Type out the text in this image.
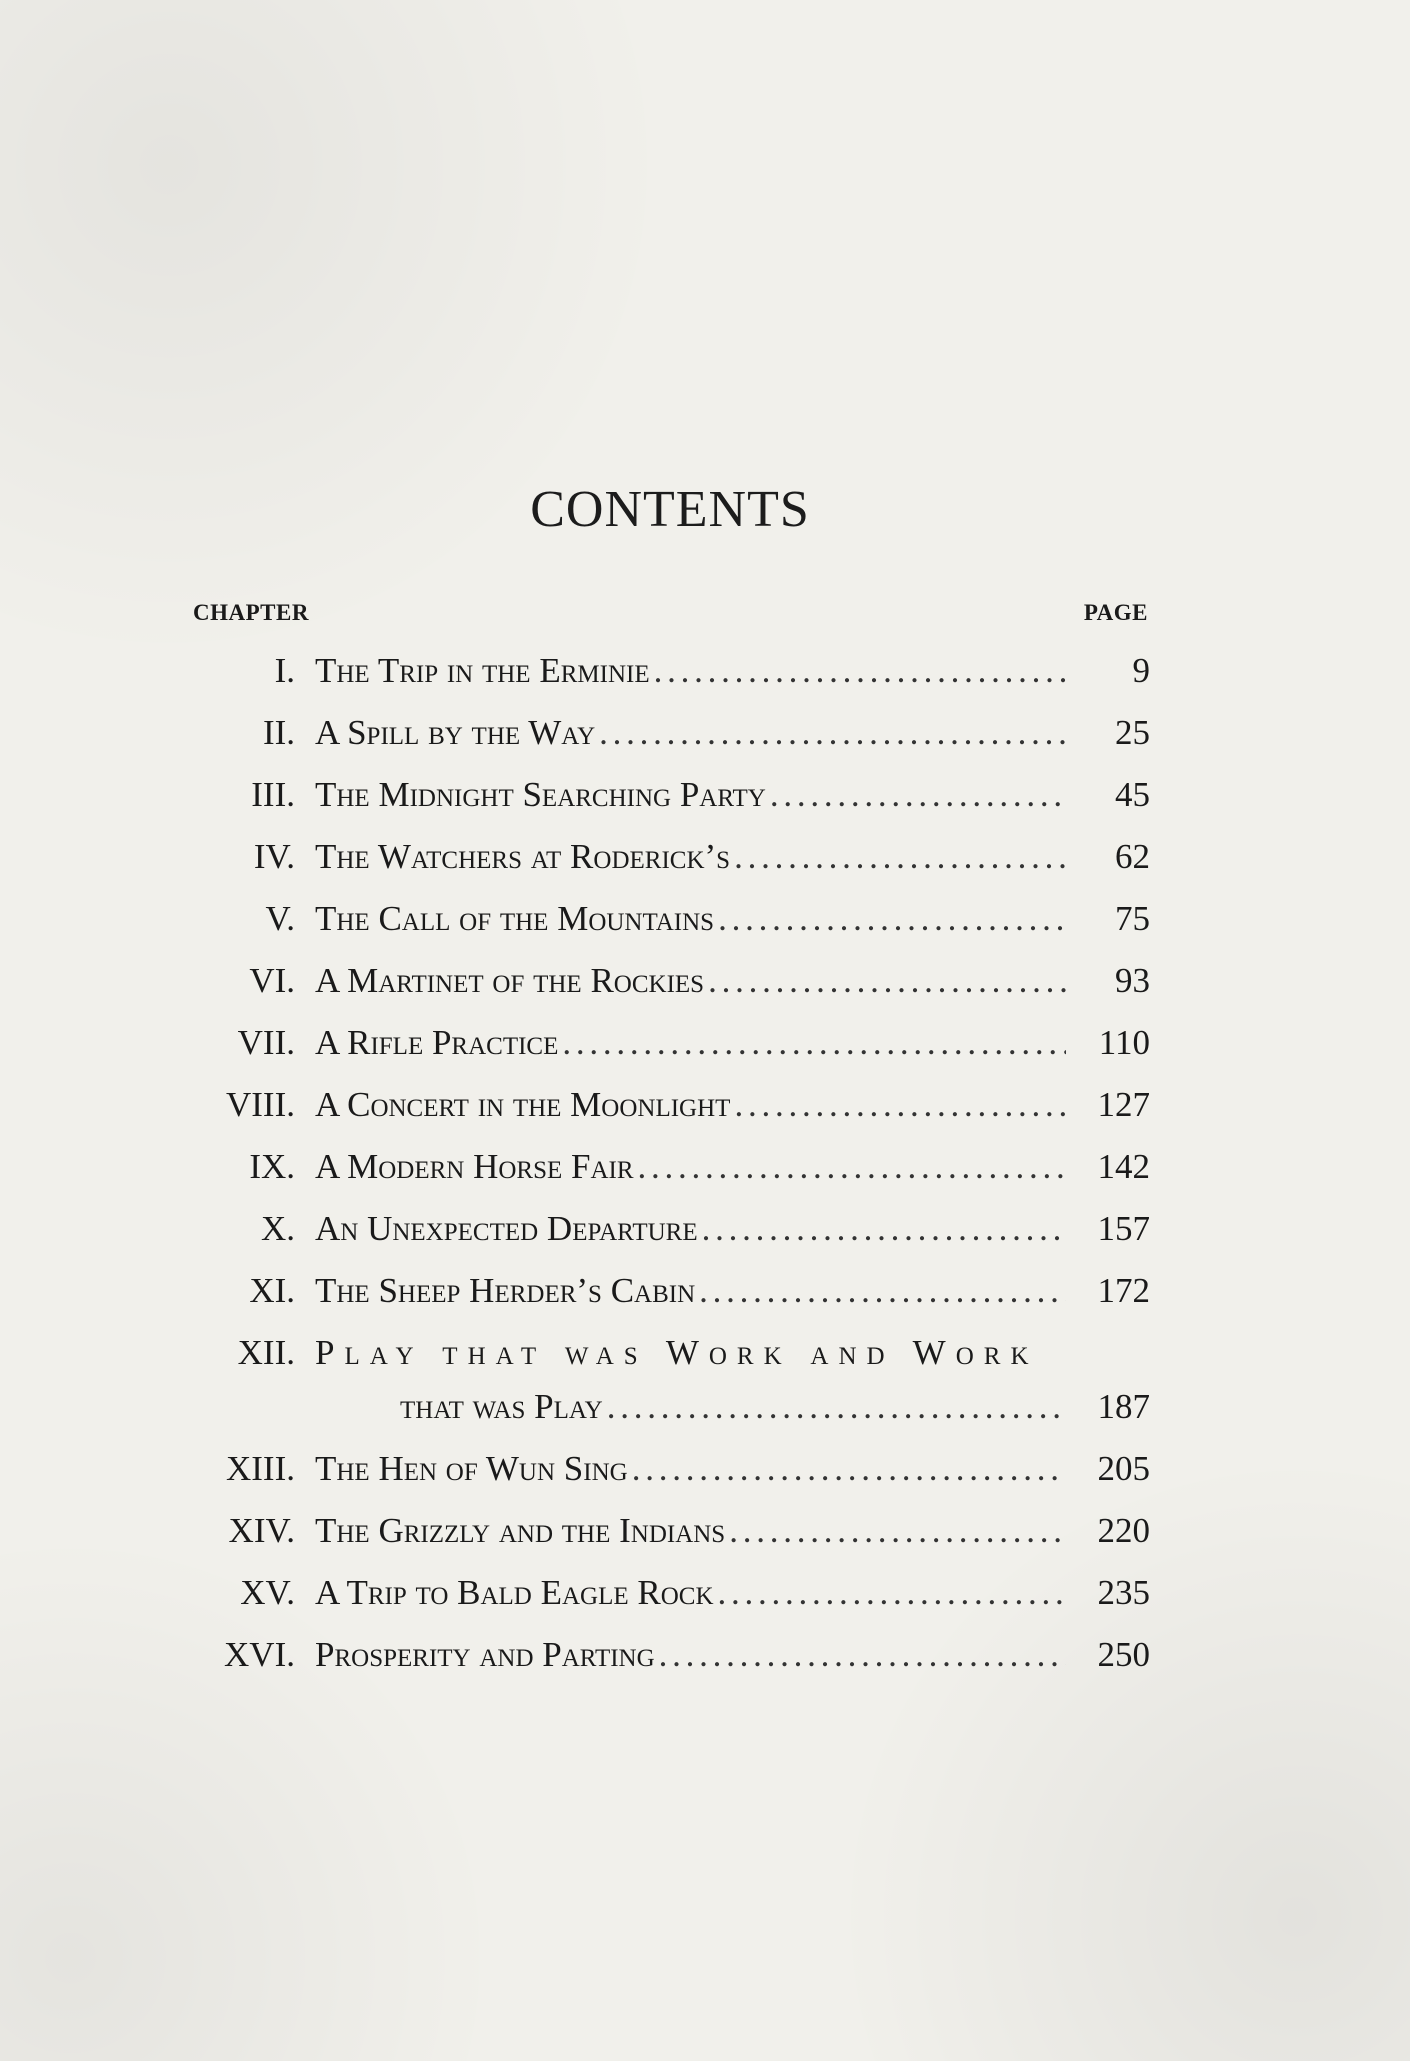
CONTENTS
CHAPTER	PAGE
I. The Trip in the Erminie . . .	9
II. A Spill by the Way . . .	25
III. The Midnight Searching Party . . .	45
IV. The Watchers at Roderick’s . . .	62
V. The Call of the Mountains . . .	75
VI. A Martinet of the Rockies . . .	93
VII. A Rifle Practice . . .	110
VIII. A Concert in the Moonlight . . .	127
IX. A Modern Horse Fair . . .	142
X. An Unexpected Departure . . .	157
XI. The Sheep Herder’s Cabin . . .	172
XII. Play that was Work and Work
that was Play . . .	187
XIII. The Hen of Wun Sing . . .	205
XIV. The Grizzly and the Indians . . .	220
XV. A Trip to Bald Eagle Rock . . .	235
XVI. Prosperity and Parting . . .	250
